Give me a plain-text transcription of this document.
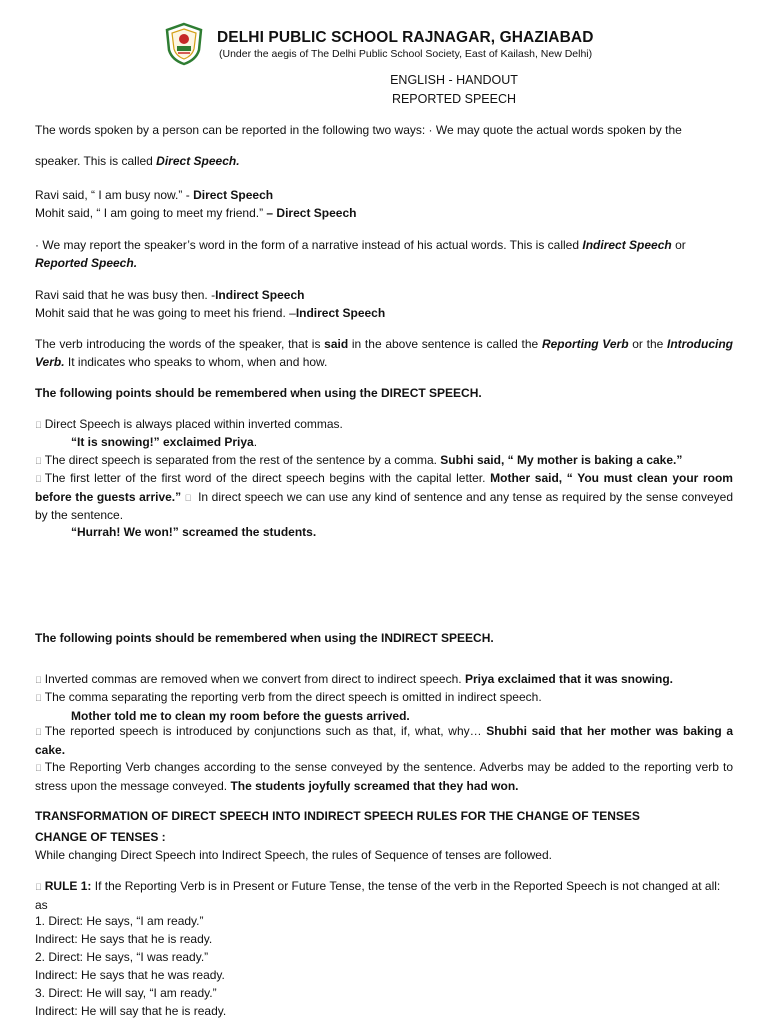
DELHI PUBLIC SCHOOL RAJNAGAR, GHAZIABAD
(Under the aegis of The Delhi Public School Society, East of Kailash, New Delhi)
ENGLISH - HANDOUT
REPORTED SPEECH
The words spoken by a person can be reported in the following two ways: · We may quote the actual words spoken by the
speaker. This is called Direct Speech.
Ravi said, “ I am busy now.” - Direct Speech
Mohit said, “ I am going to meet my friend.” – Direct Speech
· We may report the speaker’s word in the form of a narrative instead of his actual words. This is called Indirect Speech or Reported Speech.
Ravi said that he was busy then. -Indirect Speech
Mohit said that he was going to meet his friend. –Indirect Speech
The verb introducing the words of the speaker, that is said in the above sentence is called the Reporting Verb or the Introducing Verb. It indicates who speaks to whom, when and how.
The following points should be remembered when using the DIRECT SPEECH.
Direct Speech is always placed within inverted commas.
“It is snowing!” exclaimed Priya.
The direct speech is separated from the rest of the sentence by a comma. Subhi said, “ My mother is baking a cake.”
The first letter of the first word of the direct speech begins with the capital letter. Mother said, “ You must clean your room before the guests arrive.” In direct speech we can use any kind of sentence and any tense as required by the sense conveyed by the sentence.
“Hurrah! We won!” screamed the students.
The following points should be remembered when using the INDIRECT SPEECH.
Inverted commas are removed when we convert from direct to indirect speech. Priya exclaimed that it was snowing.
The comma separating the reporting verb from the direct speech is omitted in indirect speech.
Mother told me to clean my room before the guests arrived.
The reported speech is introduced by conjunctions such as that, if, what, why… Shubhi said that her mother was baking a cake.
The Reporting Verb changes according to the sense conveyed by the sentence. Adverbs may be added to the reporting verb to stress upon the message conveyed. The students joyfully screamed that they had won.
TRANSFORMATION OF DIRECT SPEECH INTO INDIRECT SPEECH RULES FOR THE CHANGE OF TENSES
CHANGE OF TENSES :
While changing Direct Speech into Indirect Speech, the rules of Sequence of tenses are followed.
RULE 1: If the Reporting Verb is in Present or Future Tense, the tense of the verb in the Reported Speech is not changed at all: as
1. Direct: He says, “I am ready.”
Indirect: He says that he is ready.
2. Direct: He says, “I was ready.”
Indirect: He says that he was ready.
3. Direct: He will say, “I am ready.”
Indirect: He will say that he is ready.
